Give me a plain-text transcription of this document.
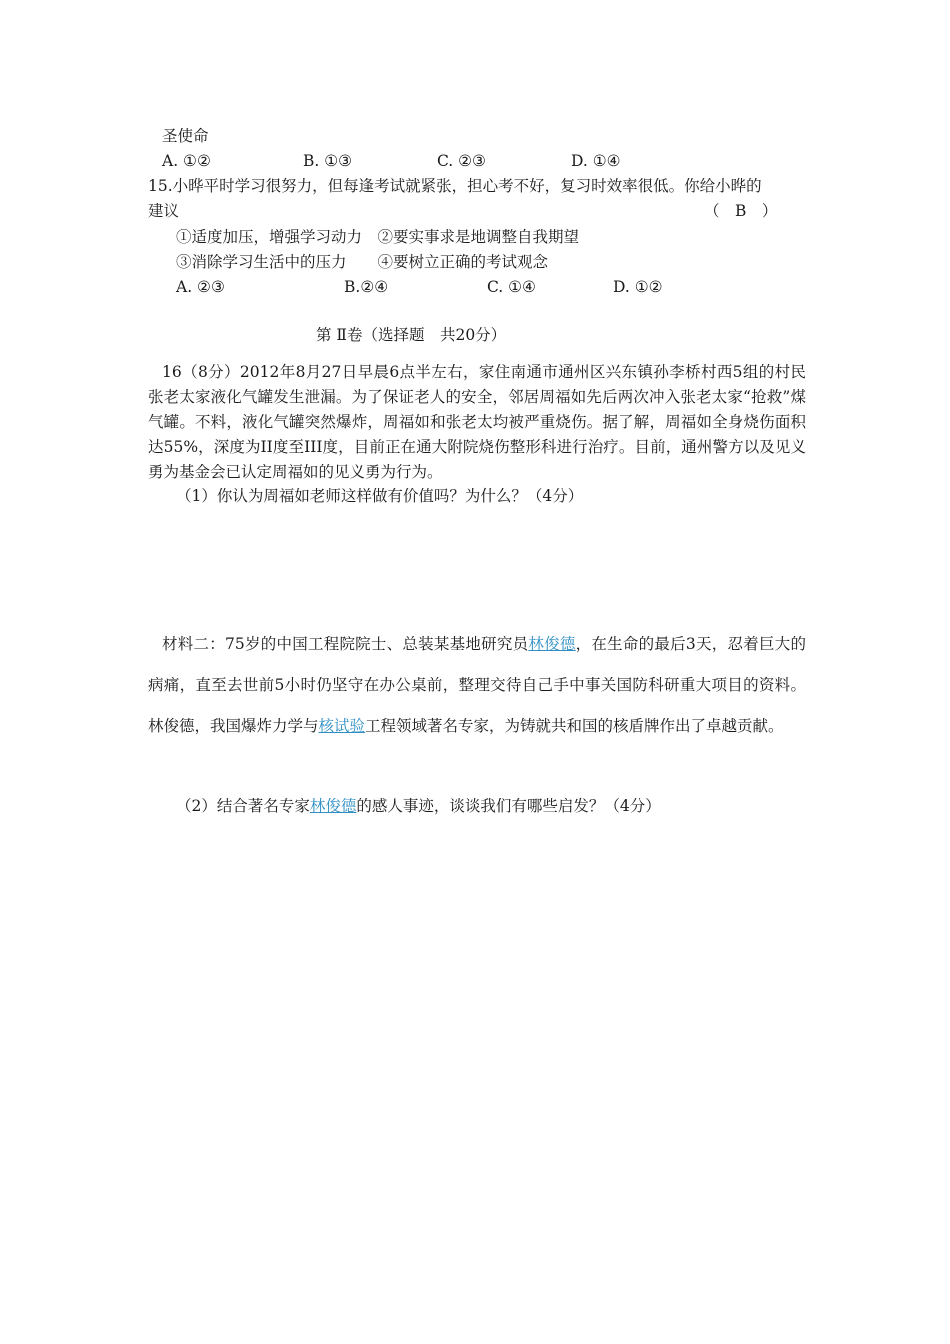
圣使命
A. ①②	B. ①③	C. ②③	D. ①④
15.小晔平时学习很努力，但每逢考试就紧张，担心考不好，复习时效率很低。你给小晔的
建议	（　B　）
①适度加压，增强学习动力　②要实事求是地调整自我期望
③消除学习生活中的压力　　④要树立正确的考试观念
A. ②③	B.②④	C. ①④	D. ①②
第 Ⅱ卷（选择题　共20分）
16（8分）2012年8月27日早晨6点半左右，家住南通市通州区兴东镇孙李桥村西5组的村民张老太家液化气罐发生泄漏。为了保证老人的安全，邻居周福如先后两次冲入张老太家“抢救”煤气罐。不料，液化气罐突然爆炸，周福如和张老太均被严重烧伤。据了解，周福如全身烧伤面积达55%，深度为II度至III度，目前正在通大附院烧伤整形科进行治疗。目前，通州警方以及见义勇为基金会已认定周福如的见义勇为行为。
（1）你认为周福如老师这样做有价值吗？为什么？（4分）
材料二：75岁的中国工程院院士、总装某基地研究员林俊德，在生命的最后3天，忍着巨大的病痛，直至去世前5小时仍坚守在办公桌前，整理交待自己手中事关国防科研重大项目的资料。林俊德，我国爆炸力学与核试验工程领域著名专家，为铸就共和国的核盾牌作出了卓越贡献。
（2）结合著名专家林俊德的感人事迹，谈谈我们有哪些启发？（4分）
